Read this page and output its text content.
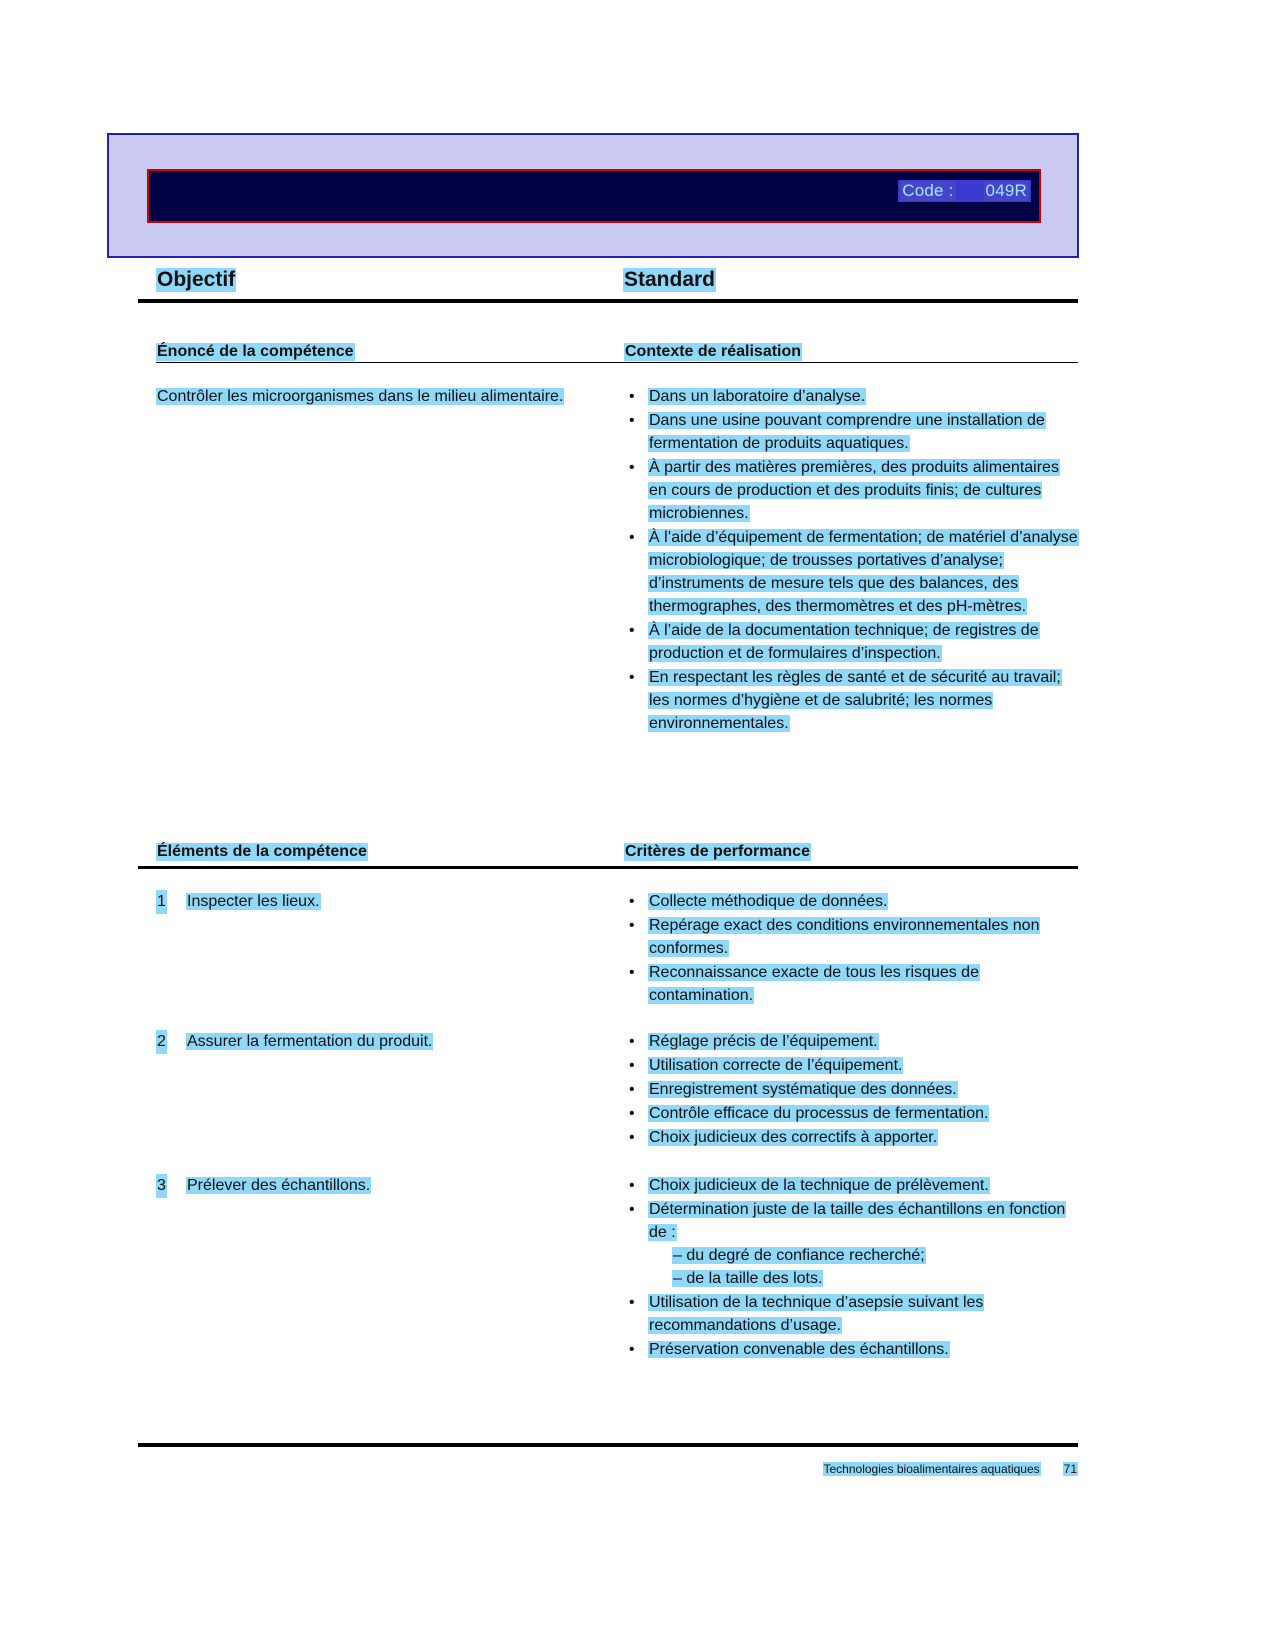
Code : 049R
Objectif	Standard
Énoncé de la compétence	Contexte de réalisation
Contrôler les microorganismes dans le milieu alimentaire.	• Dans un laboratoire d’analyse.
• Dans une usine pouvant comprendre une installation de fermentation de produits aquatiques.
• À partir des matières premières, des produits alimentaires en cours de production et des produits finis; de cultures microbiennes.
• À l’aide d’équipement de fermentation; de matériel d’analyse microbiologique; de trousses portatives d’analyse; d’instruments de mesure tels que des balances, des thermographes, des thermomètres et des pH-mètres.
• À l’aide de la documentation technique; de registres de production et de formulaires d’inspection.
• En respectant les règles de santé et de sécurité au travail; les normes d’hygiène et de salubrité; les normes environnementales.
Éléments de la compétence	Critères de performance
1 Inspecter les lieux.	• Collecte méthodique de données.
• Repérage exact des conditions environnementales non conformes.
• Reconnaissance exacte de tous les risques de contamination.
2 Assurer la fermentation du produit.	• Réglage précis de l’équipement.
• Utilisation correcte de l’équipement.
• Enregistrement systématique des données.
• Contrôle efficace du processus de fermentation.
• Choix judicieux des correctifs à apporter.
3 Prélever des échantillons.	• Choix judicieux de la technique de prélèvement.
• Détermination juste de la taille des échantillons en fonction de :
– du degré de confiance recherché;
– de la taille des lots.
• Utilisation de la technique d’asepsie suivant les recommandations d’usage.
• Préservation convenable des échantillons.
Technologies bioalimentaires aquatiques 71
